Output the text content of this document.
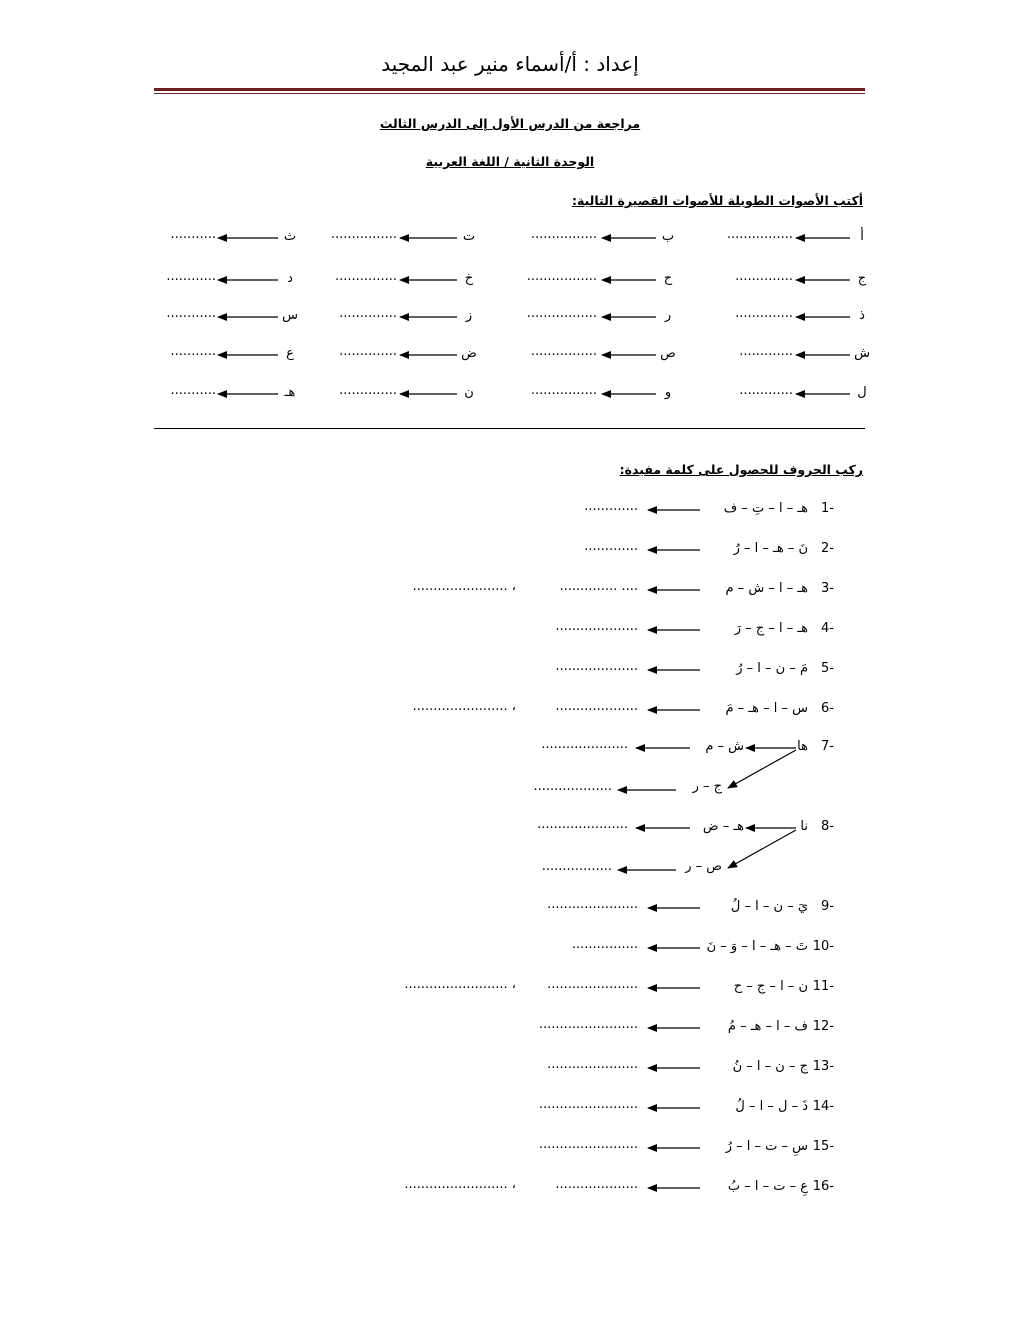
إعداد : أ/أسماء منير عبد المجيد
مراجعة من الدرس الأول إلى الدرس الثالث
الوحدة الثانية / اللغة العربية
أكتب الأصوات الطويلة للأصوات القصيرة التالية:
أ
................
ب
................
ت
................
ث
...........
ج
..............
ح
.................
خ
...............
د
............
ذ
..............
ر
.................
ز
..............
س
............
ش
.............
ص
................
ض
..............
ع
...........
ل
.............
و
................
ن
..............
هـ
...........
ركب الحروف للحصول على كلمة مفيدة:
1-
هـ – ا – تِ – ف
.............
2-
نَ – هـ – ا – رُ
.............
3-
هـ – ا – ش – م
.............. ....
....................... ،
4-
هـ – ا – ج – رَ
....................
5-
مَ – ن – ا – رُ
....................
6-
س – ا – هـ – مَ
....................
....................... ،
7-
ها
ش – م
ج – ر
.....................
...................
8-
نا
هـ – ض
ص – ر
......................
.................
9-
يَ – ن – ا – لُ
......................
10-
تَ – هـ – ا – وَ – نَ
................
11-
ن – ا – ج – ح
......................
......................... ،
12-
ف – ا – هـ – مُ
........................
13-
ج – ن – ا – نُ
......................
14-
ذَ – ل – ا – لُ
........................
15-
سِ – ت – ا – رُ
........................
16-
عِ – ت – ا – بُ
....................
......................... ،
